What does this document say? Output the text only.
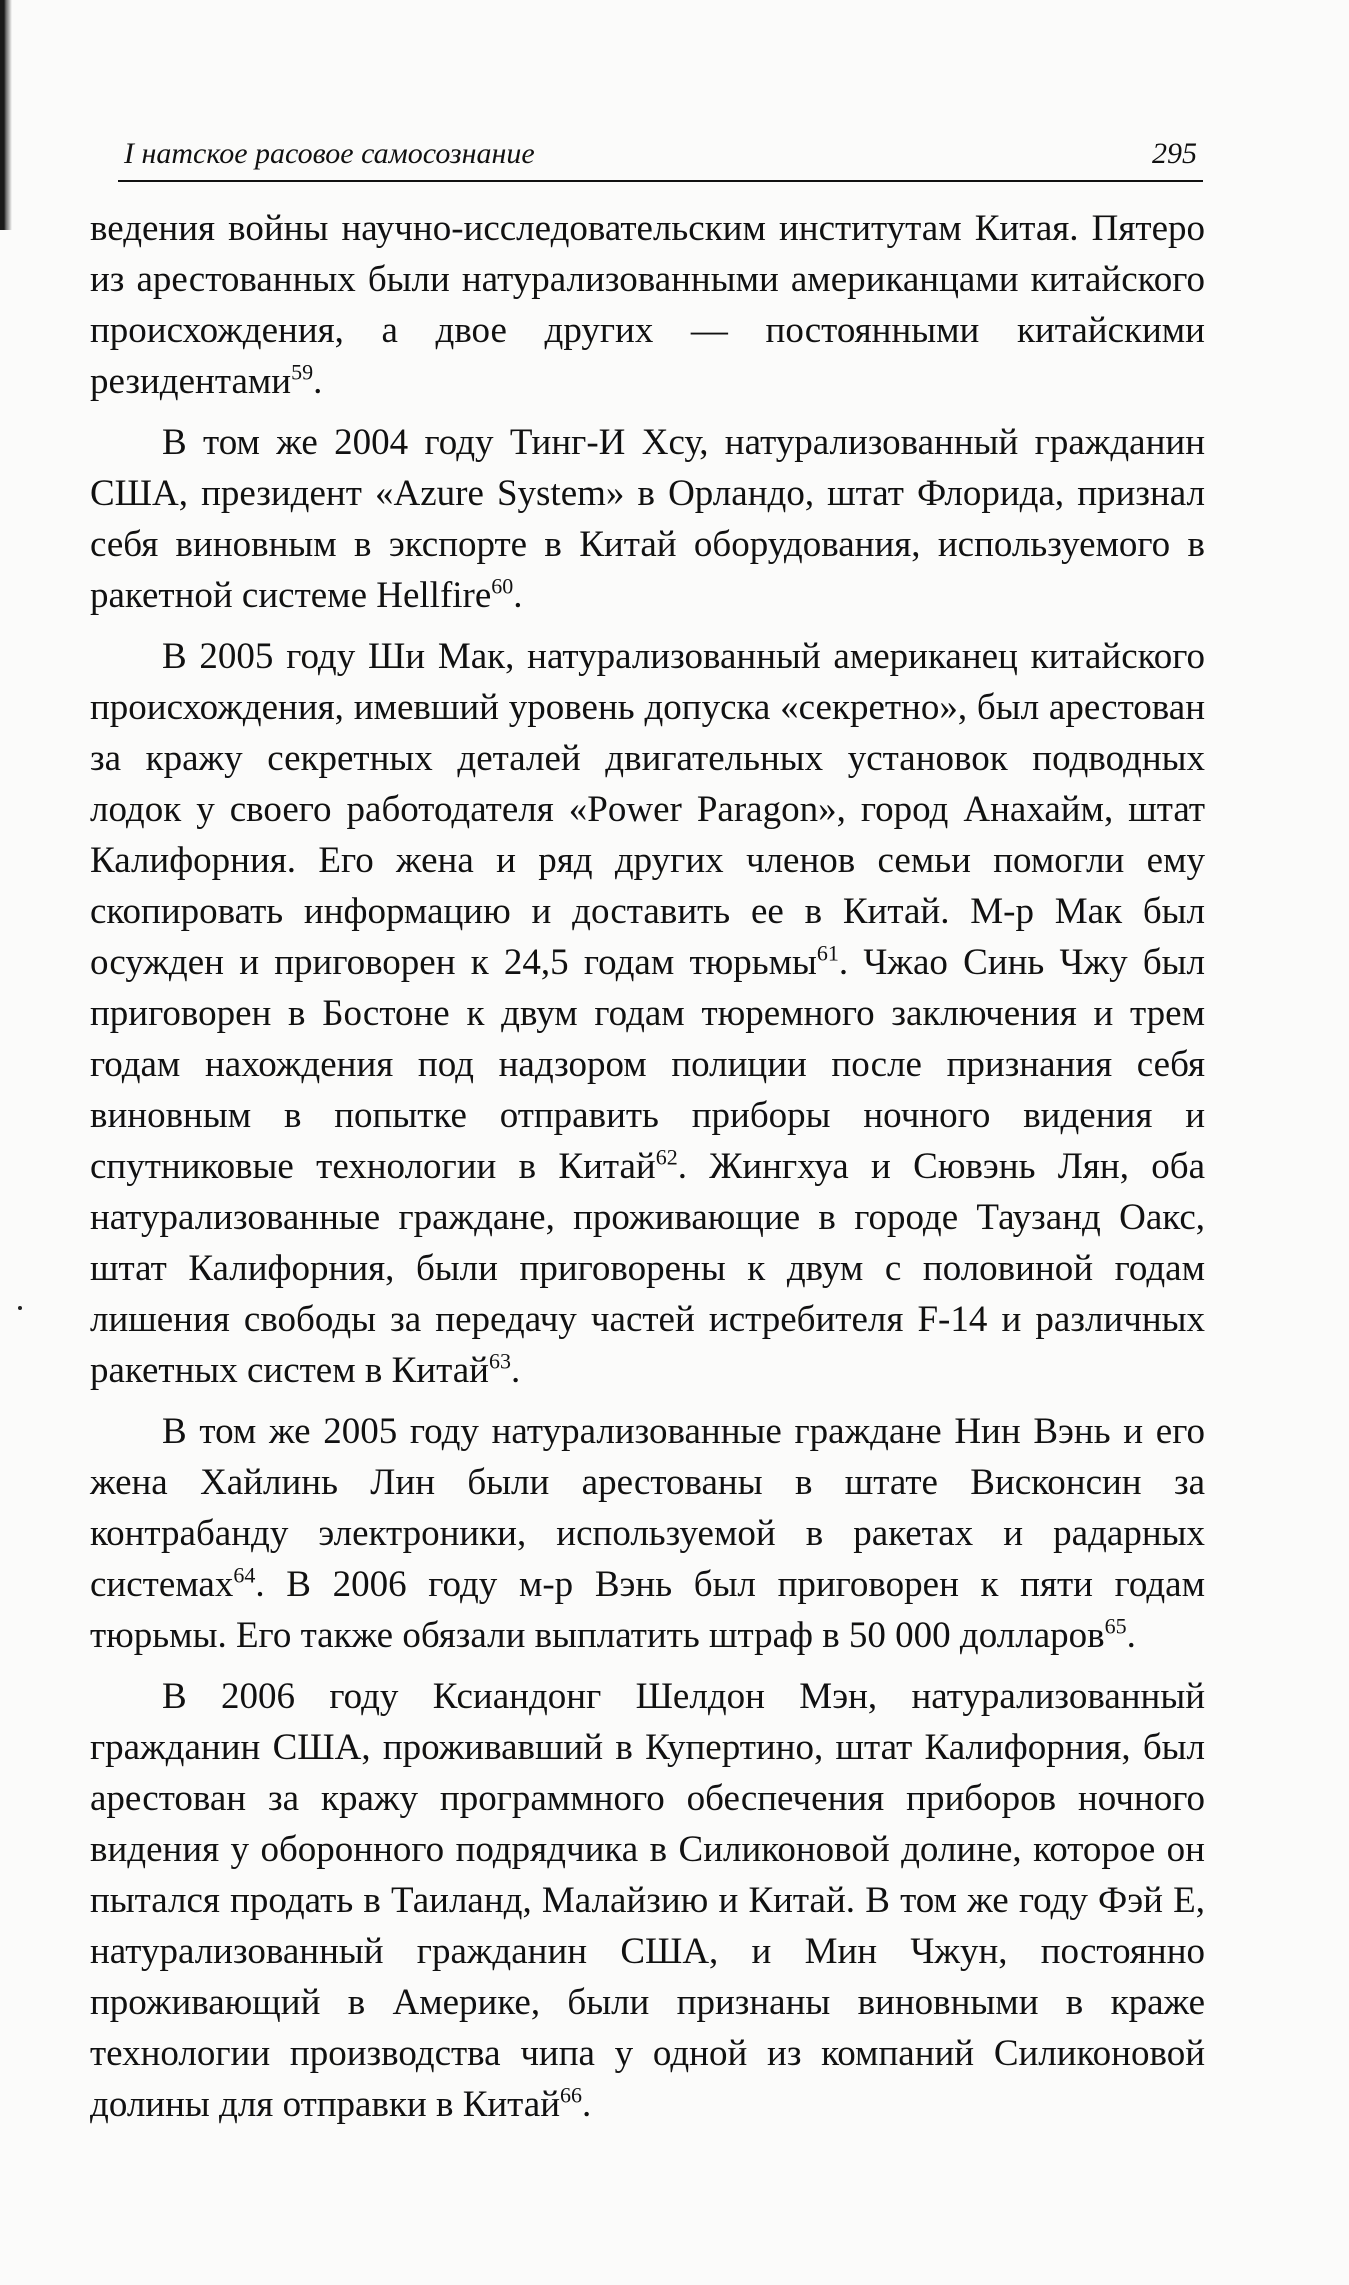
І натское расовое самосознание	295

ведения войны научно-исследовательским институтам Китая. Пятеро из арестованных были натурализованными американцами китайского происхождения, а двое других — постоянными китайскими резидентами$^{59}$.

В том же 2004 году Тинг-И Хсу, натурализованный гражданин США, президент «Azure System» в Орландо, штат Флорида, признал себя виновным в экспорте в Китай оборудования, используемого в ракетной системе Hellfire$^{60}$.

В 2005 году Ши Мак, натурализованный американец китайского происхождения, имевший уровень допуска «секретно», был арестован за кражу секретных деталей двигательных установок подводных лодок у своего работодателя «Power Paragon», город Анахайм, штат Калифорния. Его жена и ряд других членов семьи помогли ему скопировать информацию и доставить ее в Китай. М-р Мак был осужден и приговорен к 24,5 годам тюрьмы$^{61}$. Чжао Синь Чжу был приговорен в Бостоне к двум годам тюремного заключения и трем годам нахождения под надзором полиции после признания себя виновным в попытке отправить приборы ночного видения и спутниковые технологии в Китай$^{62}$. Жингхуа и Сювэнь Лян, оба натурализованные граждане, проживающие в городе Таузанд Оакс, штат Калифорния, были приговорены к двум с половиной годам лишения свободы за передачу частей истребителя F-14 и различных ракетных систем в Китай$^{63}$.

В том же 2005 году натурализованные граждане Нин Вэнь и его жена Хайлинь Лин были арестованы в штате Висконсин за контрабанду электроники, используемой в ракетах и радарных системах$^{64}$. В 2006 году м-р Вэнь был приговорен к пяти годам тюрьмы. Его также обязали выплатить штраф в 50 000 долларов$^{65}$.

В 2006 году Ксиандонг Шелдон Мэн, натурализованный гражданин США, проживавший в Купертино, штат Калифорния, был арестован за кражу программного обеспечения приборов ночного видения у оборонного подрядчика в Силиконовой долине, которое он пытался продать в Таиланд, Малайзию и Китай. В том же году Фэй Е, натурализованный гражданин США, и Мин Чжун, постоянно проживающий в Америке, были признаны виновными в краже технологии производства чипа у одной из компаний Силиконовой долины для отправки в Китай$^{66}$.
